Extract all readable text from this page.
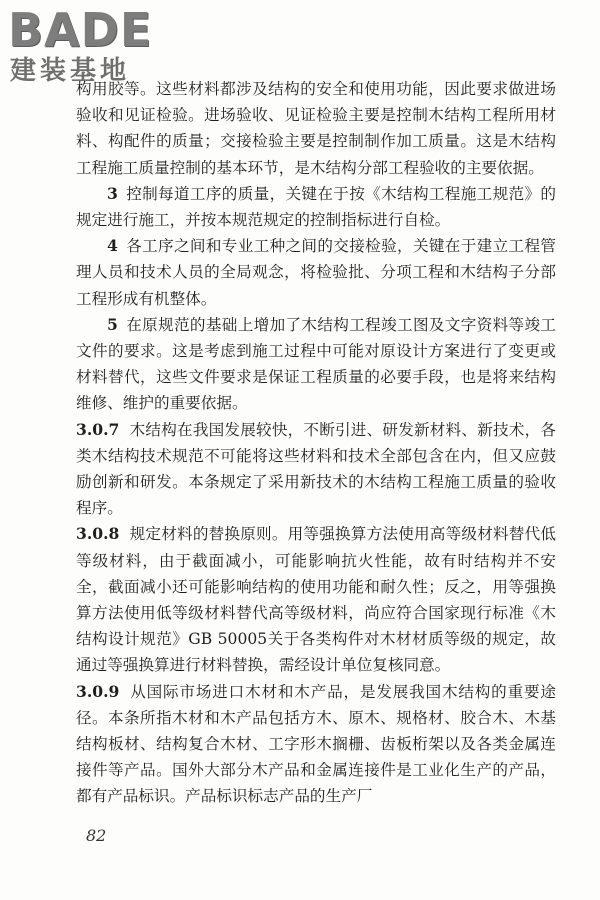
BADE
建装基地

构用胶等。这些材料都涉及结构的安全和使用功能，因此要求做进场验收和见证检验。进场验收、见证检验主要是控制木结构工程所用材料、构配件的质量；交接检验主要是控制制作加工质量。这是木结构工程施工质量控制的基本环节，是木结构分部工程验收的主要依据。

3 控制每道工序的质量，关键在于按《木结构工程施工规范》的规定进行施工，并按本规范规定的控制指标进行自检。

4 各工序之间和专业工种之间的交接检验，关键在于建立工程管理人员和技术人员的全局观念，将检验批、分项工程和木结构子分部工程形成有机整体。

5 在原规范的基础上增加了木结构工程竣工图及文字资料等竣工文件的要求。这是考虑到施工过程中可能对原设计方案进行了变更或材料替代，这些文件要求是保证工程质量的必要手段，也是将来结构维修、维护的重要依据。

3.0.7 木结构在我国发展较快，不断引进、研发新材料、新技术，各类木结构技术规范不可能将这些材料和技术全部包含在内，但又应鼓励创新和研发。本条规定了采用新技术的木结构工程施工质量的验收程序。

3.0.8 规定材料的替换原则。用等强换算方法使用高等级材料替代低等级材料，由于截面减小，可能影响抗火性能，故有时结构并不安全，截面减小还可能影响结构的使用功能和耐久性；反之，用等强换算方法使用低等级材料替代高等级材料，尚应符合国家现行标准《木结构设计规范》GB 50005关于各类构件对木材材质等级的规定，故通过等强换算进行材料替换，需经设计单位复核同意。

3.0.9 从国际市场进口木材和木产品，是发展我国木结构的重要途径。本条所指木材和木产品包括方木、原木、规格材、胶合木、木基结构板材、结构复合木材、工字形木搁栅、齿板桁架以及各类金属连接件等产品。国外大部分木产品和金属连接件是工业化生产的产品，都有产品标识。产品标识标志产品的生产厂

82
